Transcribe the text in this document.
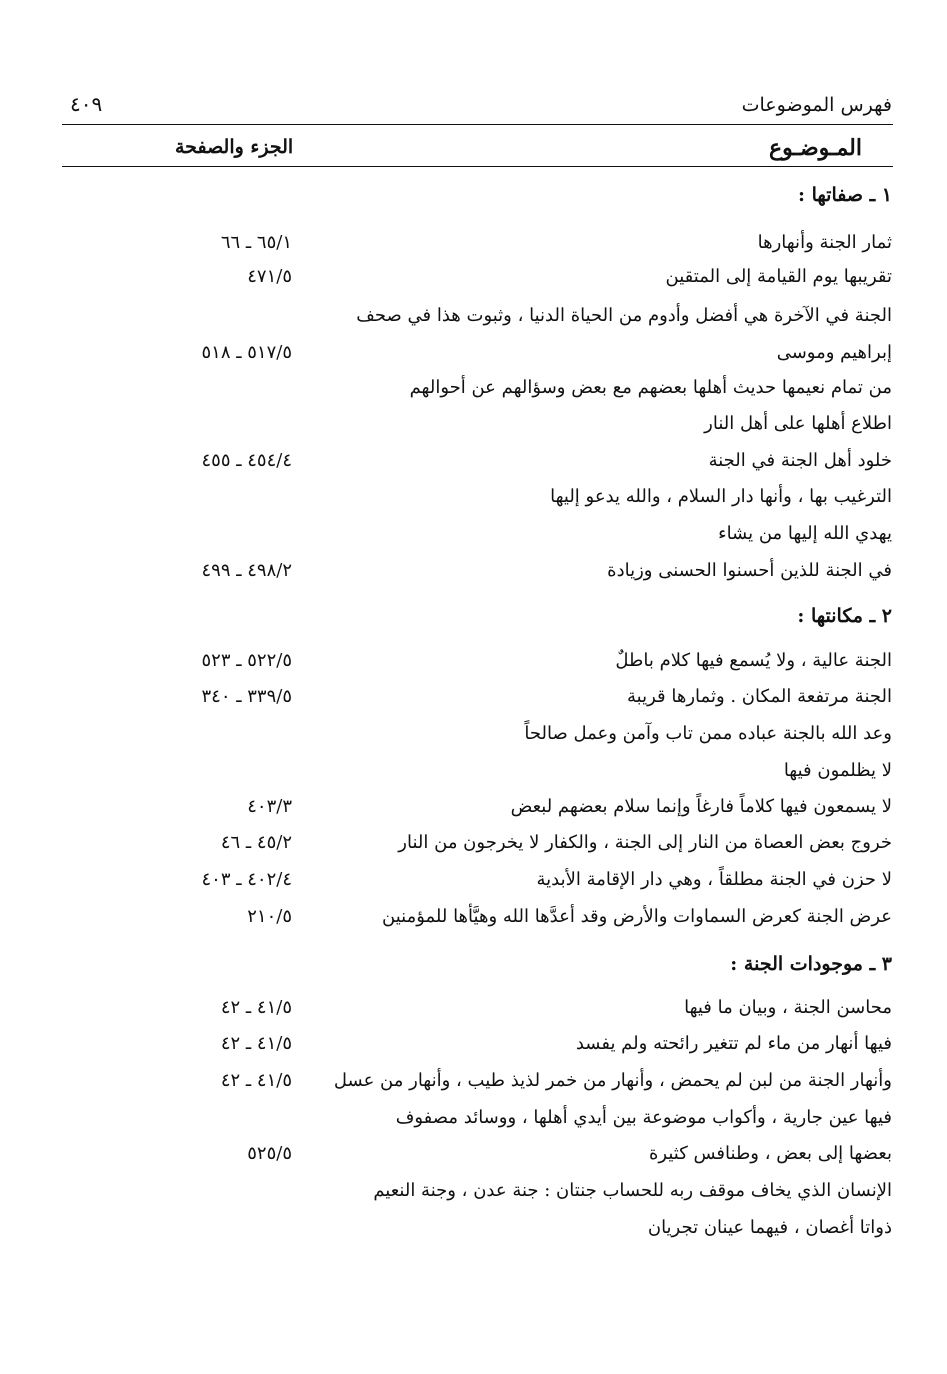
فهرس الموضوعات
٤٠٩
المـوضـوع
الجزء والصفحة
١ ـ صفاتها :
ثمار الجنة وأنهارها
٦٥/١ ـ ٦٦
تقريبها يوم القيامة إلى المتقين
٤٧١/٥
الجنة في الآخرة هي أفضل وأدوم من الحياة الدنيا ، وثبوت هذا في صحف
إبراهيم وموسى
٥١٧/٥ ـ ٥١٨
من تمام نعيمها حديث أهلها بعضهم مع بعض وسؤالهم عن أحوالهم
اطلاع أهلها على أهل النار
خلود أهل الجنة في الجنة
٤٥٤/٤ ـ ٤٥٥
الترغيب بها ، وأنها دار السلام ، والله يدعو إليها
يهدي الله إليها من يشاء
في الجنة للذين أحسنوا الحسنى وزيادة
٤٩٨/٢ ـ ٤٩٩
٢ ـ مكانتها :
الجنة عالية ، ولا يُسمع فيها كلام باطلٌ
٥٢٢/٥ ـ ٥٢٣
الجنة مرتفعة المكان . وثمارها قريبة
٣٣٩/٥ ـ ٣٤٠
وعد الله بالجنة عباده ممن تاب وآمن وعمل صالحاً
لا يظلمون فيها
لا يسمعون فيها كلاماً فارغاً وإنما سلام بعضهم لبعض
٤٠٣/٣
خروج بعض العصاة من النار إلى الجنة ، والكفار لا يخرجون من النار
٤٥/٢ ـ ٤٦
لا حزن في الجنة مطلقاً ، وهي دار الإقامة الأبدية
٤٠٢/٤ ـ ٤٠٣
عرض الجنة كعرض السماوات والأرض وقد أعدَّها الله وهيَّأها للمؤمنين
٢١٠/٥
٣ ـ موجودات الجنة :
محاسن الجنة ، وبيان ما فيها
٤١/٥ ـ ٤٢
فيها أنهار من ماء لم تتغير رائحته ولم يفسد
٤١/٥ ـ ٤٢
وأنهار الجنة من لبن لم يحمض ، وأنهار من خمر لذيذ طيب ، وأنهار من عسل
٤١/٥ ـ ٤٢
فيها عين جارية ، وأكواب موضوعة بين أيدي أهلها ، ووسائد مصفوف
بعضها إلى بعض ، وطنافس كثيرة
٥٢٥/٥
الإنسان الذي يخاف موقف ربه للحساب جنتان : جنة عدن ، وجنة النعيم
ذواتا أغصان ، فيهما عينان تجريان
